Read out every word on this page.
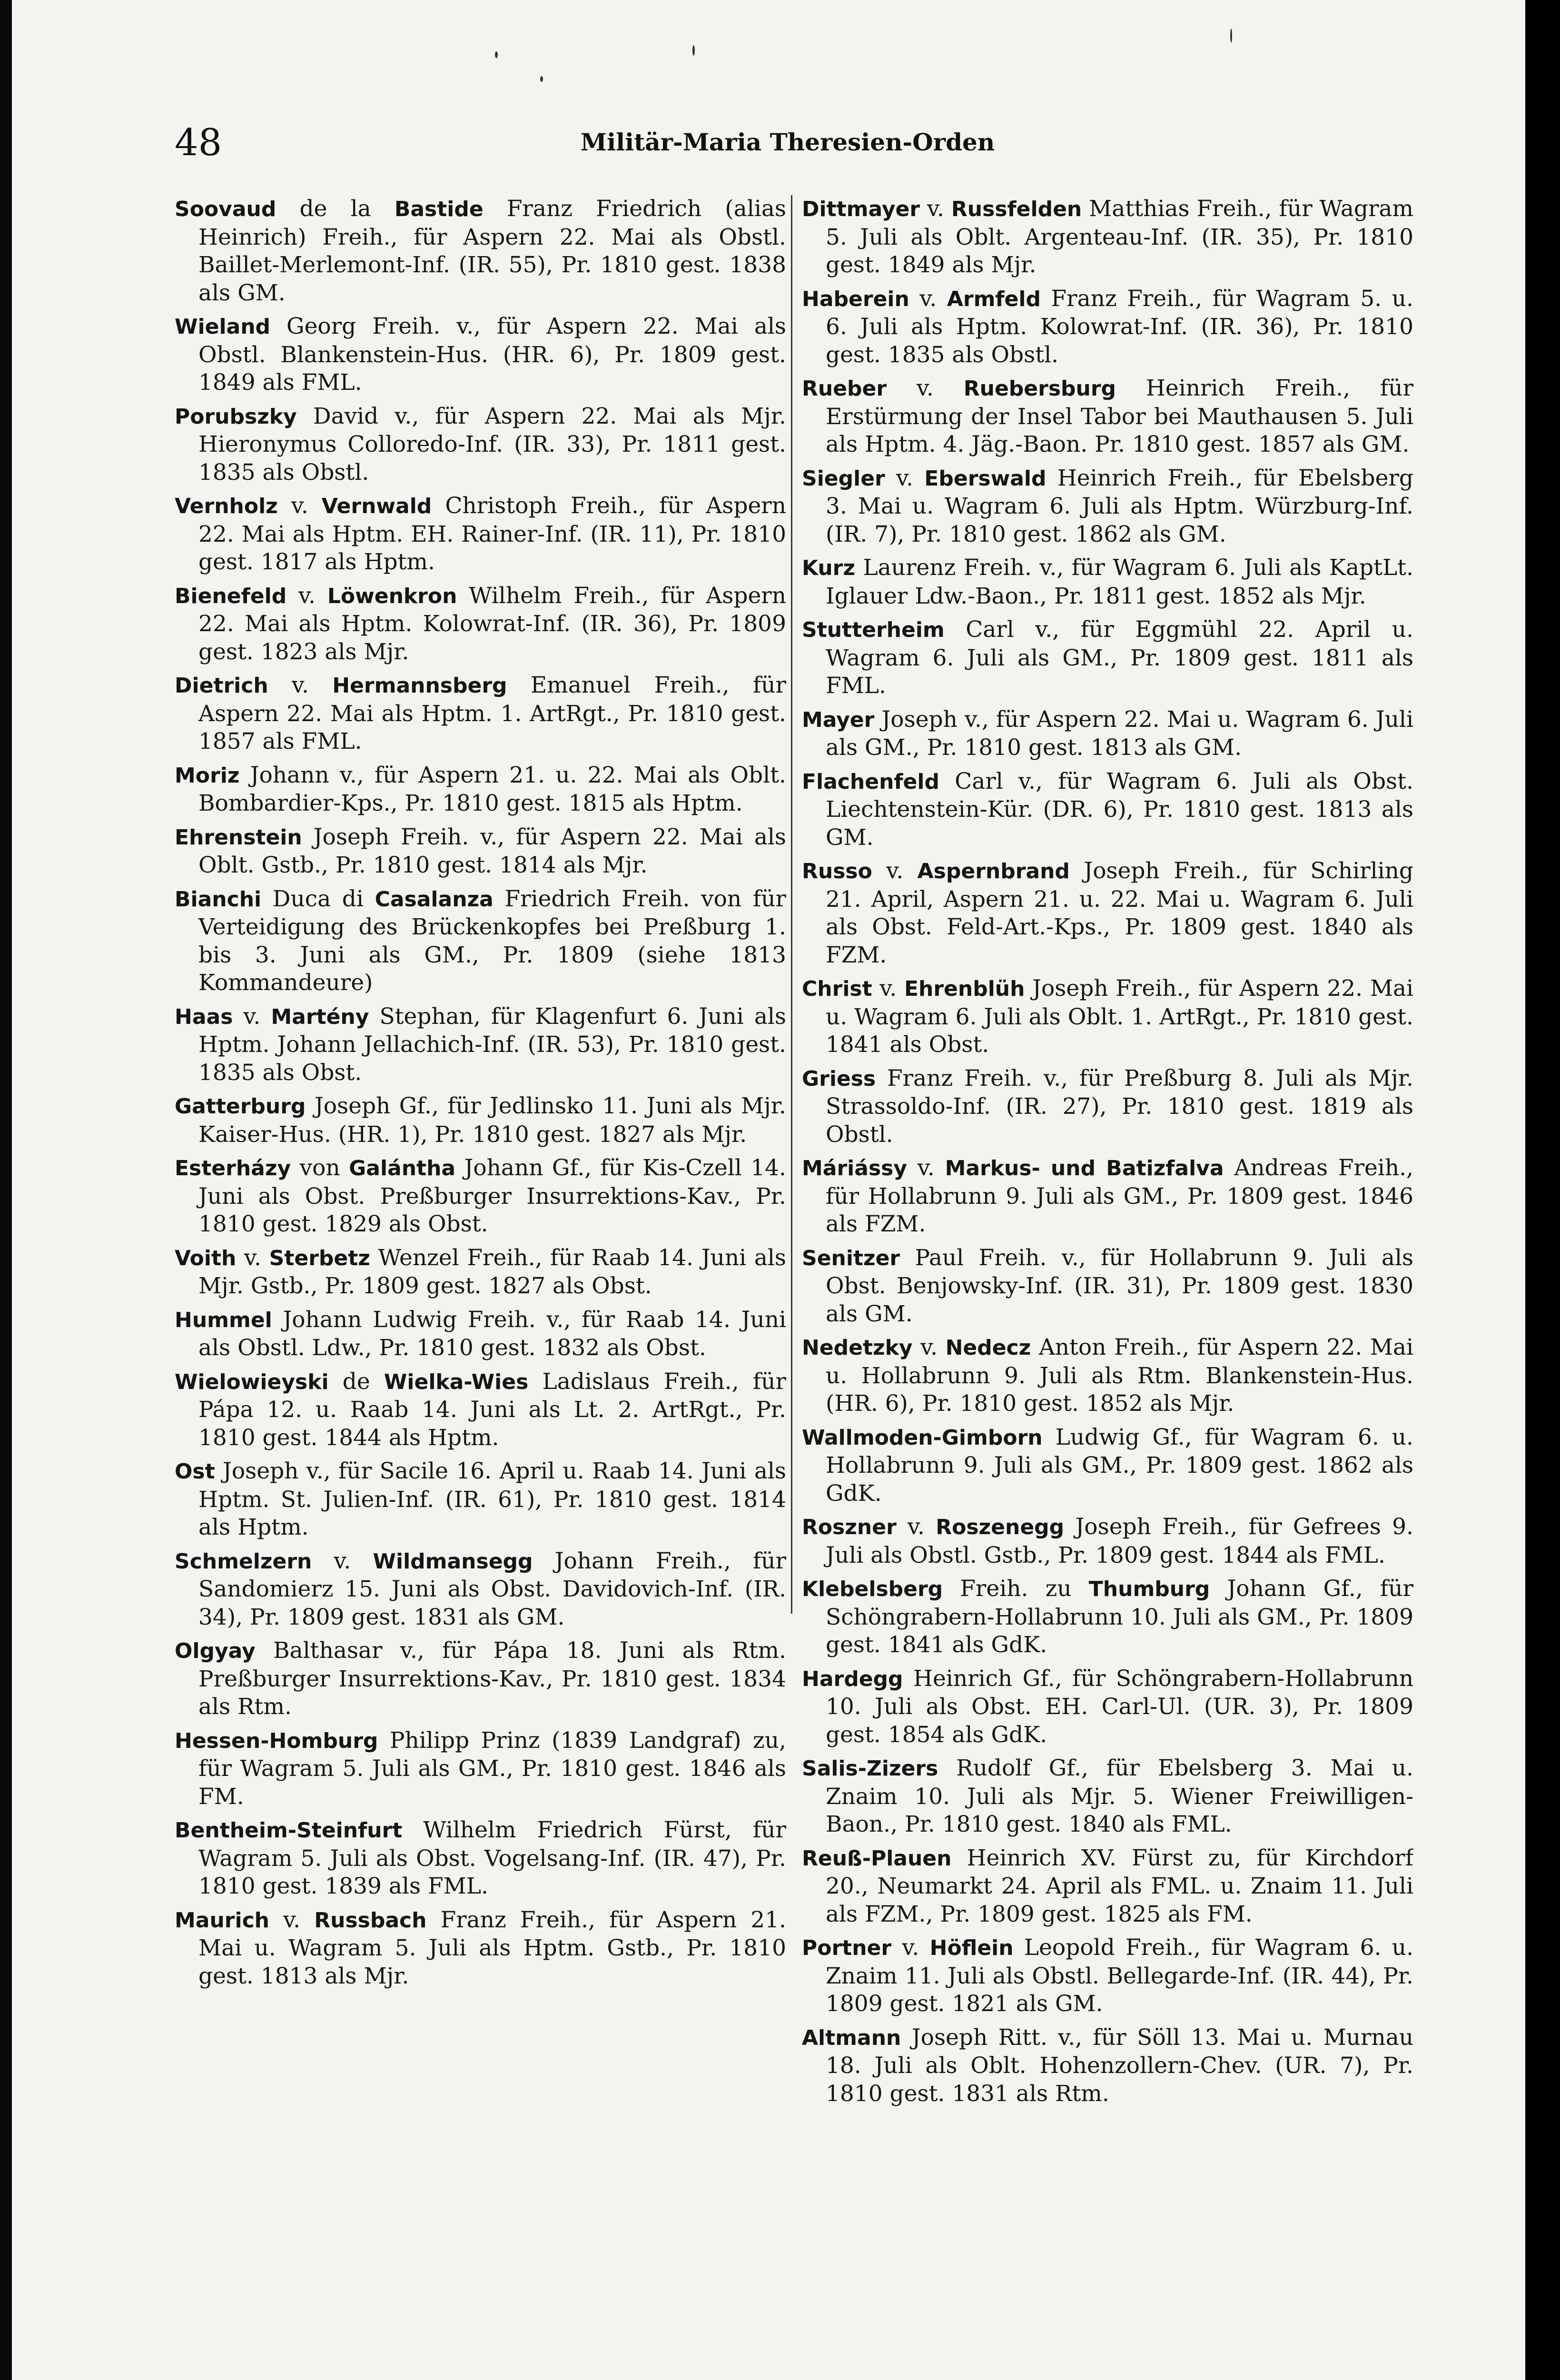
48	Militär-Maria Theresien-Orden
Soovaud de la Bastide Franz Friedrich (alias Heinrich) Freih., für Aspern 22. Mai als Obstl. Baillet-Merlemont-Inf. (IR. 55), Pr. 1810 gest. 1838 als GM.
Wieland Georg Freih. v., für Aspern 22. Mai als Obstl. Blankenstein-Hus. (HR. 6), Pr. 1809 gest. 1849 als FML.
Porubszky David v., für Aspern 22. Mai als Mjr. Hieronymus Colloredo-Inf. (IR. 33), Pr. 1811 gest. 1835 als Obstl.
Vernholz v. Vernwald Christoph Freih., für Aspern 22. Mai als Hptm. EH. Rainer-Inf. (IR. 11), Pr. 1810 gest. 1817 als Hptm.
Bienefeld v. Löwenkron Wilhelm Freih., für Aspern 22. Mai als Hptm. Kolowrat-Inf. (IR. 36), Pr. 1809 gest. 1823 als Mjr.
Dietrich v. Hermannsberg Emanuel Freih., für Aspern 22. Mai als Hptm. 1. ArtRgt., Pr. 1810 gest. 1857 als FML.
Moriz Johann v., für Aspern 21. u. 22. Mai als Oblt. Bombardier-Kps., Pr. 1810 gest. 1815 als Hptm.
Ehrenstein Joseph Freih. v., für Aspern 22. Mai als Oblt. Gstb., Pr. 1810 gest. 1814 als Mjr.
Bianchi Duca di Casalanza Friedrich Freih. von für Verteidigung des Brückenkopfes bei Preßburg 1. bis 3. Juni als GM., Pr. 1809 (siehe 1813 Kommandeure)
Haas v. Martény Stephan, für Klagenfurt 6. Juni als Hptm. Johann Jellachich-Inf. (IR. 53), Pr. 1810 gest. 1835 als Obst.
Gatterburg Joseph Gf., für Jedlinsko 11. Juni als Mjr. Kaiser-Hus. (HR. 1), Pr. 1810 gest. 1827 als Mjr.
Esterházy von Galántha Johann Gf., für Kis-Czell 14. Juni als Obst. Preßburger Insurrektions-Kav., Pr. 1810 gest. 1829 als Obst.
Voith v. Sterbetz Wenzel Freih., für Raab 14. Juni als Mjr. Gstb., Pr. 1809 gest. 1827 als Obst.
Hummel Johann Ludwig Freih. v., für Raab 14. Juni als Obstl. Ldw., Pr. 1810 gest. 1832 als Obst.
Wielowieyski de Wielka-Wies Ladislaus Freih., für Pápa 12. u. Raab 14. Juni als Lt. 2. ArtRgt., Pr. 1810 gest. 1844 als Hptm.
Ost Joseph v., für Sacile 16. April u. Raab 14. Juni als Hptm. St. Julien-Inf. (IR. 61), Pr. 1810 gest. 1814 als Hptm.
Schmelzern v. Wildmansegg Johann Freih., für Sandomierz 15. Juni als Obst. Davidovich-Inf. (IR. 34), Pr. 1809 gest. 1831 als GM.
Olgyay Balthasar v., für Pápa 18. Juni als Rtm. Preßburger Insurrektions-Kav., Pr. 1810 gest. 1834 als Rtm.
Hessen-Homburg Philipp Prinz (1839 Landgraf) zu, für Wagram 5. Juli als GM., Pr. 1810 gest. 1846 als FM.
Bentheim-Steinfurt Wilhelm Friedrich Fürst, für Wagram 5. Juli als Obst. Vogelsang-Inf. (IR. 47), Pr. 1810 gest. 1839 als FML.
Maurich v. Russbach Franz Freih., für Aspern 21. Mai u. Wagram 5. Juli als Hptm. Gstb., Pr. 1810 gest. 1813 als Mjr.
Dittmayer v. Russfelden Matthias Freih., für Wagram 5. Juli als Oblt. Argenteau-Inf. (IR. 35), Pr. 1810 gest. 1849 als Mjr.
Haberein v. Armfeld Franz Freih., für Wagram 5. u. 6. Juli als Hptm. Kolowrat-Inf. (IR. 36), Pr. 1810 gest. 1835 als Obstl.
Rueber v. Ruebersburg Heinrich Freih., für Erstürmung der Insel Tabor bei Mauthausen 5. Juli als Hptm. 4. Jäg.-Baon. Pr. 1810 gest. 1857 als GM.
Siegler v. Eberswald Heinrich Freih., für Ebelsberg 3. Mai u. Wagram 6. Juli als Hptm. Würzburg-Inf. (IR. 7), Pr. 1810 gest. 1862 als GM.
Kurz Laurenz Freih. v., für Wagram 6. Juli als KaptLt. Iglauer Ldw.-Baon., Pr. 1811 gest. 1852 als Mjr.
Stutterheim Carl v., für Eggmühl 22. April u. Wagram 6. Juli als GM., Pr. 1809 gest. 1811 als FML.
Mayer Joseph v., für Aspern 22. Mai u. Wagram 6. Juli als GM., Pr. 1810 gest. 1813 als GM.
Flachenfeld Carl v., für Wagram 6. Juli als Obst. Liechtenstein-Kür. (DR. 6), Pr. 1810 gest. 1813 als GM.
Russo v. Aspernbrand Joseph Freih., für Schirling 21. April, Aspern 21. u. 22. Mai u. Wagram 6. Juli als Obst. Feld-Art.-Kps., Pr. 1809 gest. 1840 als FZM.
Christ v. Ehrenblüh Joseph Freih., für Aspern 22. Mai u. Wagram 6. Juli als Oblt. 1. ArtRgt., Pr. 1810 gest. 1841 als Obst.
Griess Franz Freih. v., für Preßburg 8. Juli als Mjr. Strassoldo-Inf. (IR. 27), Pr. 1810 gest. 1819 als Obstl.
Máriássy v. Markus- und Batizfalva Andreas Freih., für Hollabrunn 9. Juli als GM., Pr. 1809 gest. 1846 als FZM.
Senitzer Paul Freih. v., für Hollabrunn 9. Juli als Obst. Benjowsky-Inf. (IR. 31), Pr. 1809 gest. 1830 als GM.
Nedetzky v. Nedecz Anton Freih., für Aspern 22. Mai u. Hollabrunn 9. Juli als Rtm. Blankenstein-Hus. (HR. 6), Pr. 1810 gest. 1852 als Mjr.
Wallmoden-Gimborn Ludwig Gf., für Wagram 6. u. Hollabrunn 9. Juli als GM., Pr. 1809 gest. 1862 als GdK.
Roszner v. Roszenegg Joseph Freih., für Gefrees 9. Juli als Obstl. Gstb., Pr. 1809 gest. 1844 als FML.
Klebelsberg Freih. zu Thumburg Johann Gf., für Schöngrabern-Hollabrunn 10. Juli als GM., Pr. 1809 gest. 1841 als GdK.
Hardegg Heinrich Gf., für Schöngrabern-Hollabrunn 10. Juli als Obst. EH. Carl-Ul. (UR. 3), Pr. 1809 gest. 1854 als GdK.
Salis-Zizers Rudolf Gf., für Ebelsberg 3. Mai u. Znaim 10. Juli als Mjr. 5. Wiener Freiwilligen-Baon., Pr. 1810 gest. 1840 als FML.
Reuß-Plauen Heinrich XV. Fürst zu, für Kirchdorf 20., Neumarkt 24. April als FML. u. Znaim 11. Juli als FZM., Pr. 1809 gest. 1825 als FM.
Portner v. Höflein Leopold Freih., für Wagram 6. u. Znaim 11. Juli als Obstl. Bellegarde-Inf. (IR. 44), Pr. 1809 gest. 1821 als GM.
Altmann Joseph Ritt. v., für Söll 13. Mai u. Murnau 18. Juli als Oblt. Hohenzollern-Chev. (UR. 7), Pr. 1810 gest. 1831 als Rtm.
